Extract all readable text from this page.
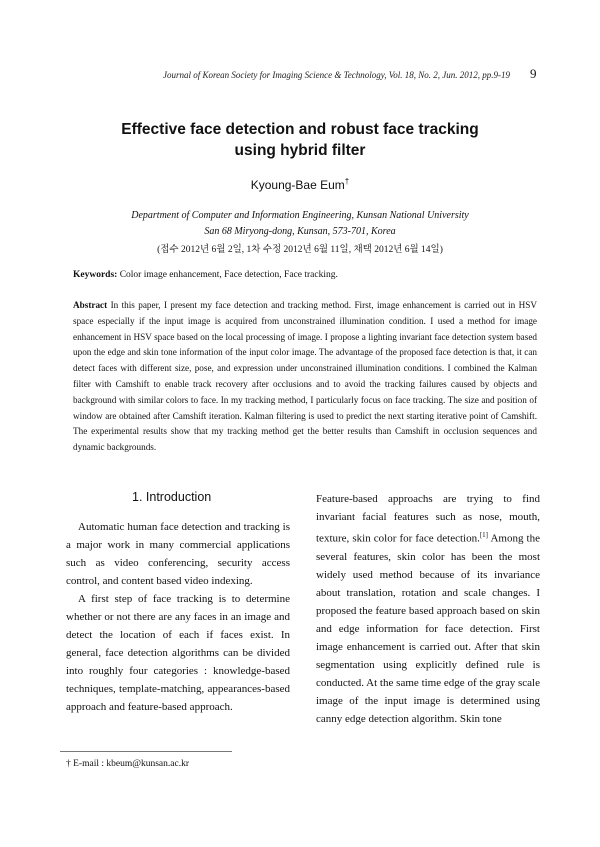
Journal of Korean Society for Imaging Science & Technology, Vol. 18, No. 2, Jun. 2012, pp.9-19 9
Effective face detection and robust face tracking
using hybrid filter
Kyoung-Bae Eum†
Department of Computer and Information Engineering, Kunsan National University
San 68 Miryong-dong, Kunsan, 573-701, Korea
(접수 2012년 6월 2일, 1차 수정 2012년 6월 11일, 채택 2012년 6월 14일)
Keywords: Color image enhancement, Face detection, Face tracking.
Abstract In this paper, I present my face detection and tracking method. First, image enhancement is carried out in HSV space especially if the input image is acquired from unconstrained illumination condition. I used a method for image enhancement in HSV space based on the local processing of image. I propose a lighting invariant face detection system based upon the edge and skin tone information of the input color image. The advantage of the proposed face detection is that, it can detect faces with different size, pose, and expression under unconstrained illumination conditions. I combined the Kalman filter with Camshift to enable track recovery after occlusions and to avoid the tracking failures caused by objects and background with similar colors to face. In my tracking method, I particularly focus on face tracking. The size and position of window are obtained after Camshift iteration. Kalman filtering is used to predict the next starting iterative point of Camshift. The experimental results show that my tracking method get the better results than Camshift in occlusion sequences and dynamic backgrounds.
1. Introduction

Automatic human face detection and tracking is a major work in many commercial applications such as video conferencing, security access control, and content based video indexing.

A first step of face tracking is to determine whether or not there are any faces in an image and detect the location of each if faces exist. In general, face detection algorithms can be divided into roughly four categories : knowledge-based techniques, template-matching, appearances-based approach and feature-based approach.

Feature-based approachs are trying to find invariant facial features such as nose, mouth, texture, skin color for face detection.[1] Among the several features, skin color has been the most widely used method because of its invariance about translation, rotation and scale changes. I proposed the feature based approach based on skin and edge information for face detection. First image enhancement is carried out. After that skin segmentation using explicitly defined rule is conducted. At the same time edge of the gray scale image of the input image is determined using canny edge detection algorithm. Skin tone

† E-mail : kbeum@kunsan.ac.kr
